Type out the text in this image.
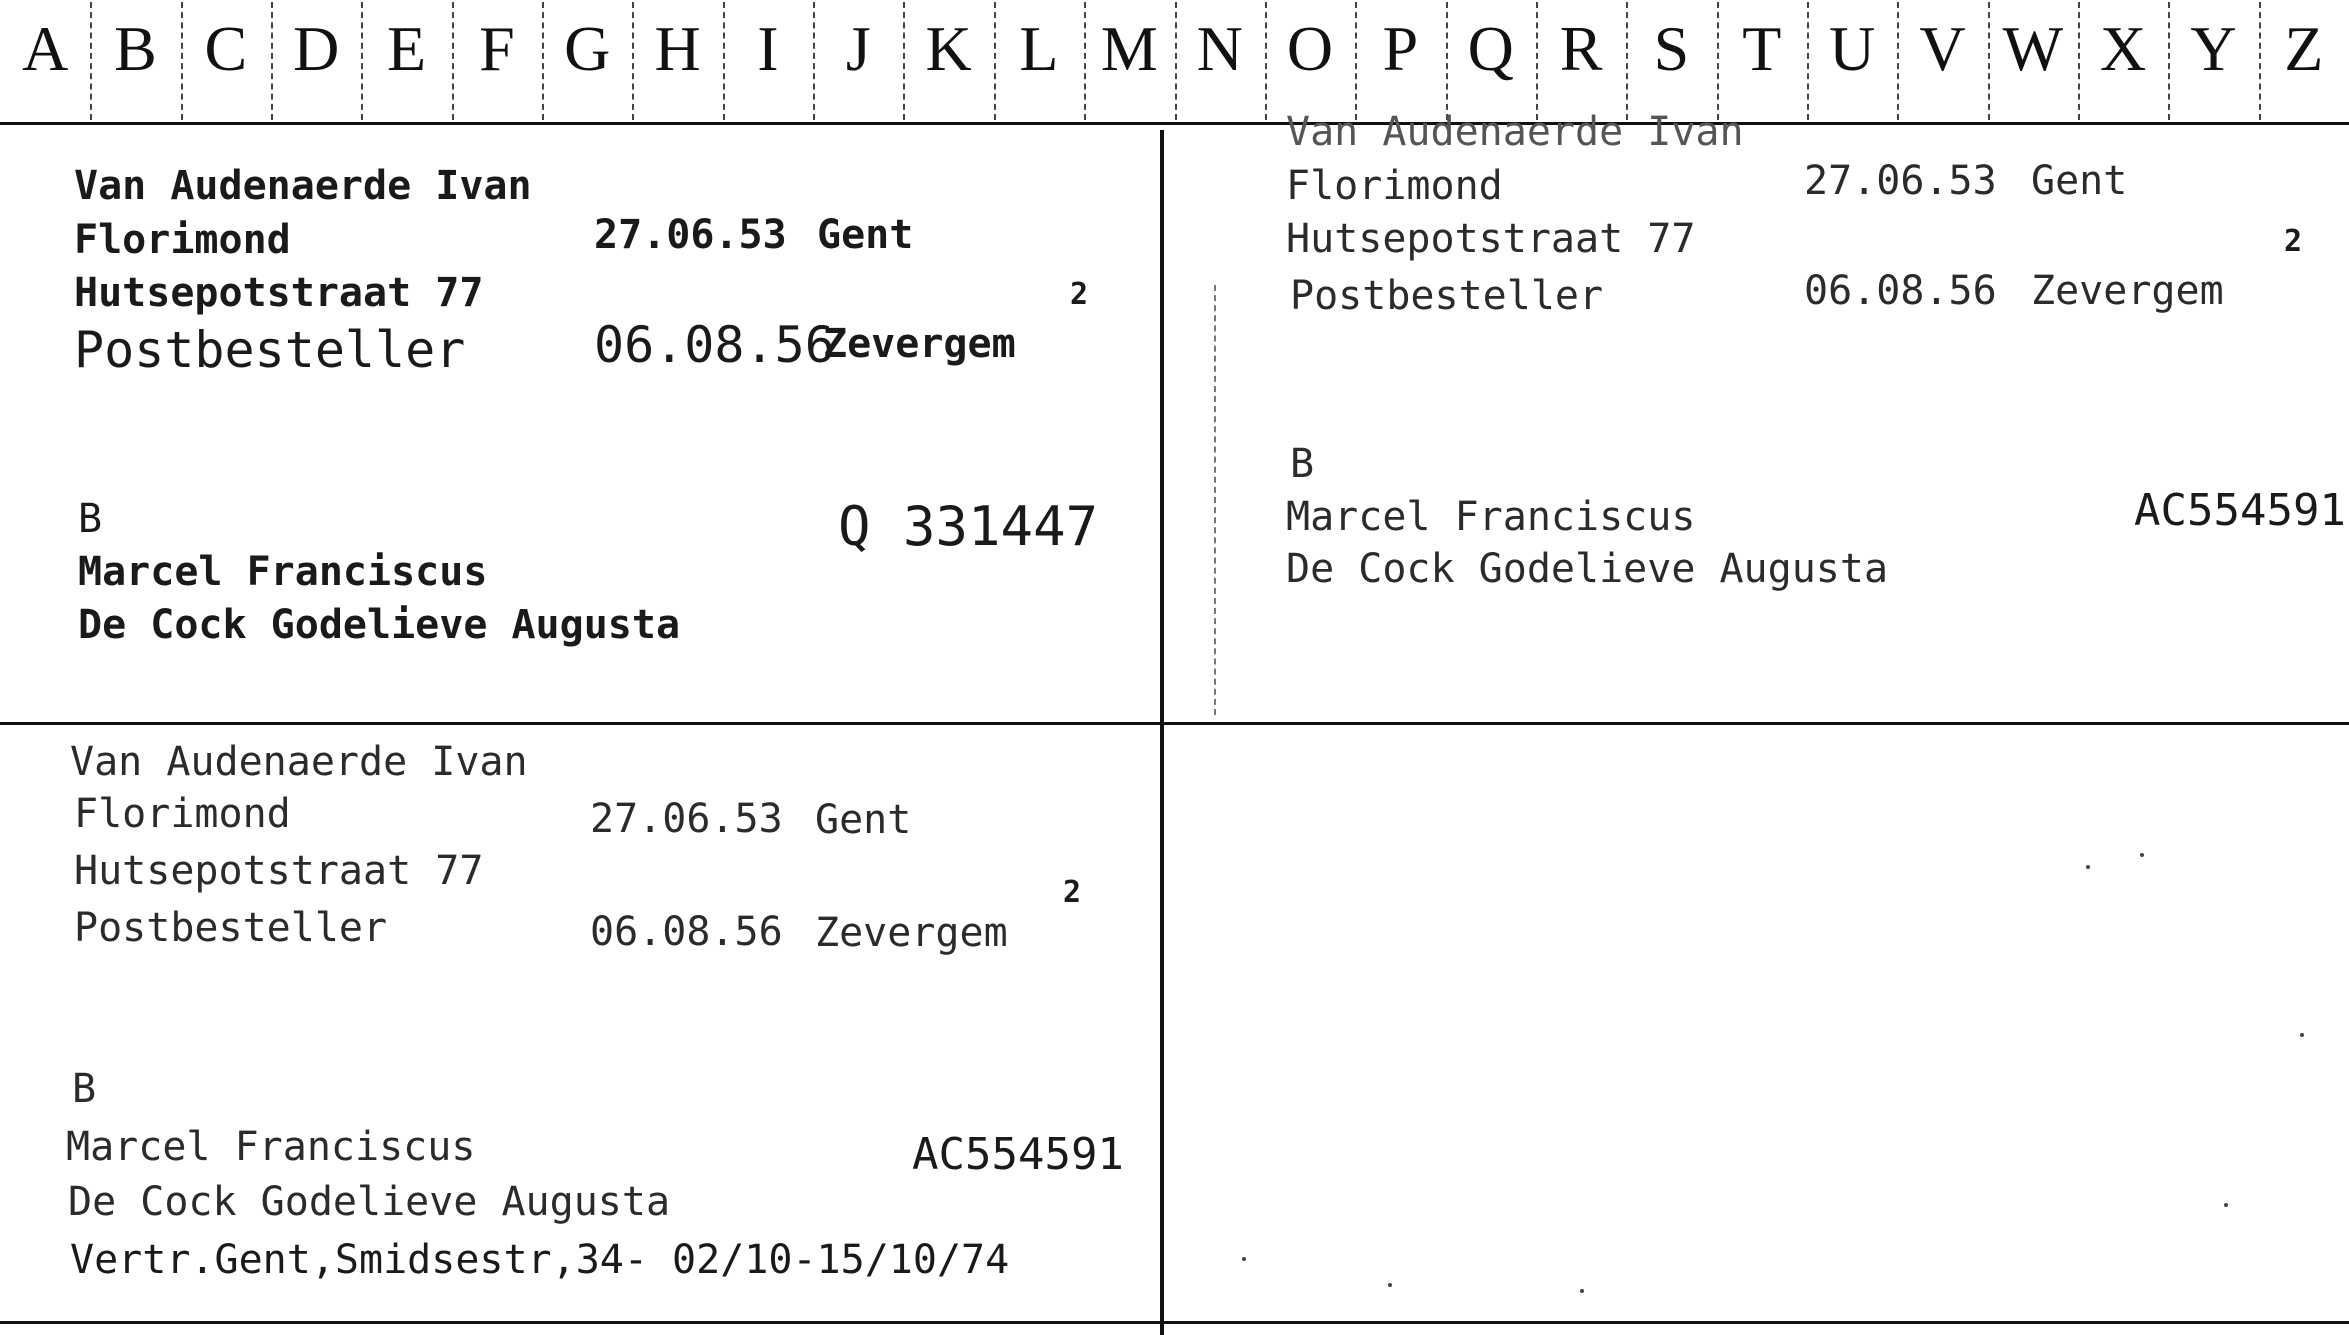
A B C D E F G H I	J K L M N O P Q R S T U V W X Y Z
Van Audenaerde Ivan
Florimond	27.06.53 Gent
Hutsepotstraat 77	2
Postbesteller	06.08.56
Zevergem
B
Marcel Franciscus
De Cock Godelieve Augusta
Q 331447
Van Audenaerde Ivan
Florimond	27.06.53 Gent
Hutsepotstraat 77	2
Postbesteller	06.08.56 Zevergem
B
Marcel Franciscus
De Cock Godelieve Augusta
AC554591
Van Audenaerde Ivan
Florimond	27.06.53 Gent
Hutsepotstraat 77	2
Postbesteller	06.08.56 Zevergem
B
Marcel Franciscus
De Cock Godelieve Augusta
AC554591
Vertr.Gent,Smidsestr,34- 02/10-15/10/74
